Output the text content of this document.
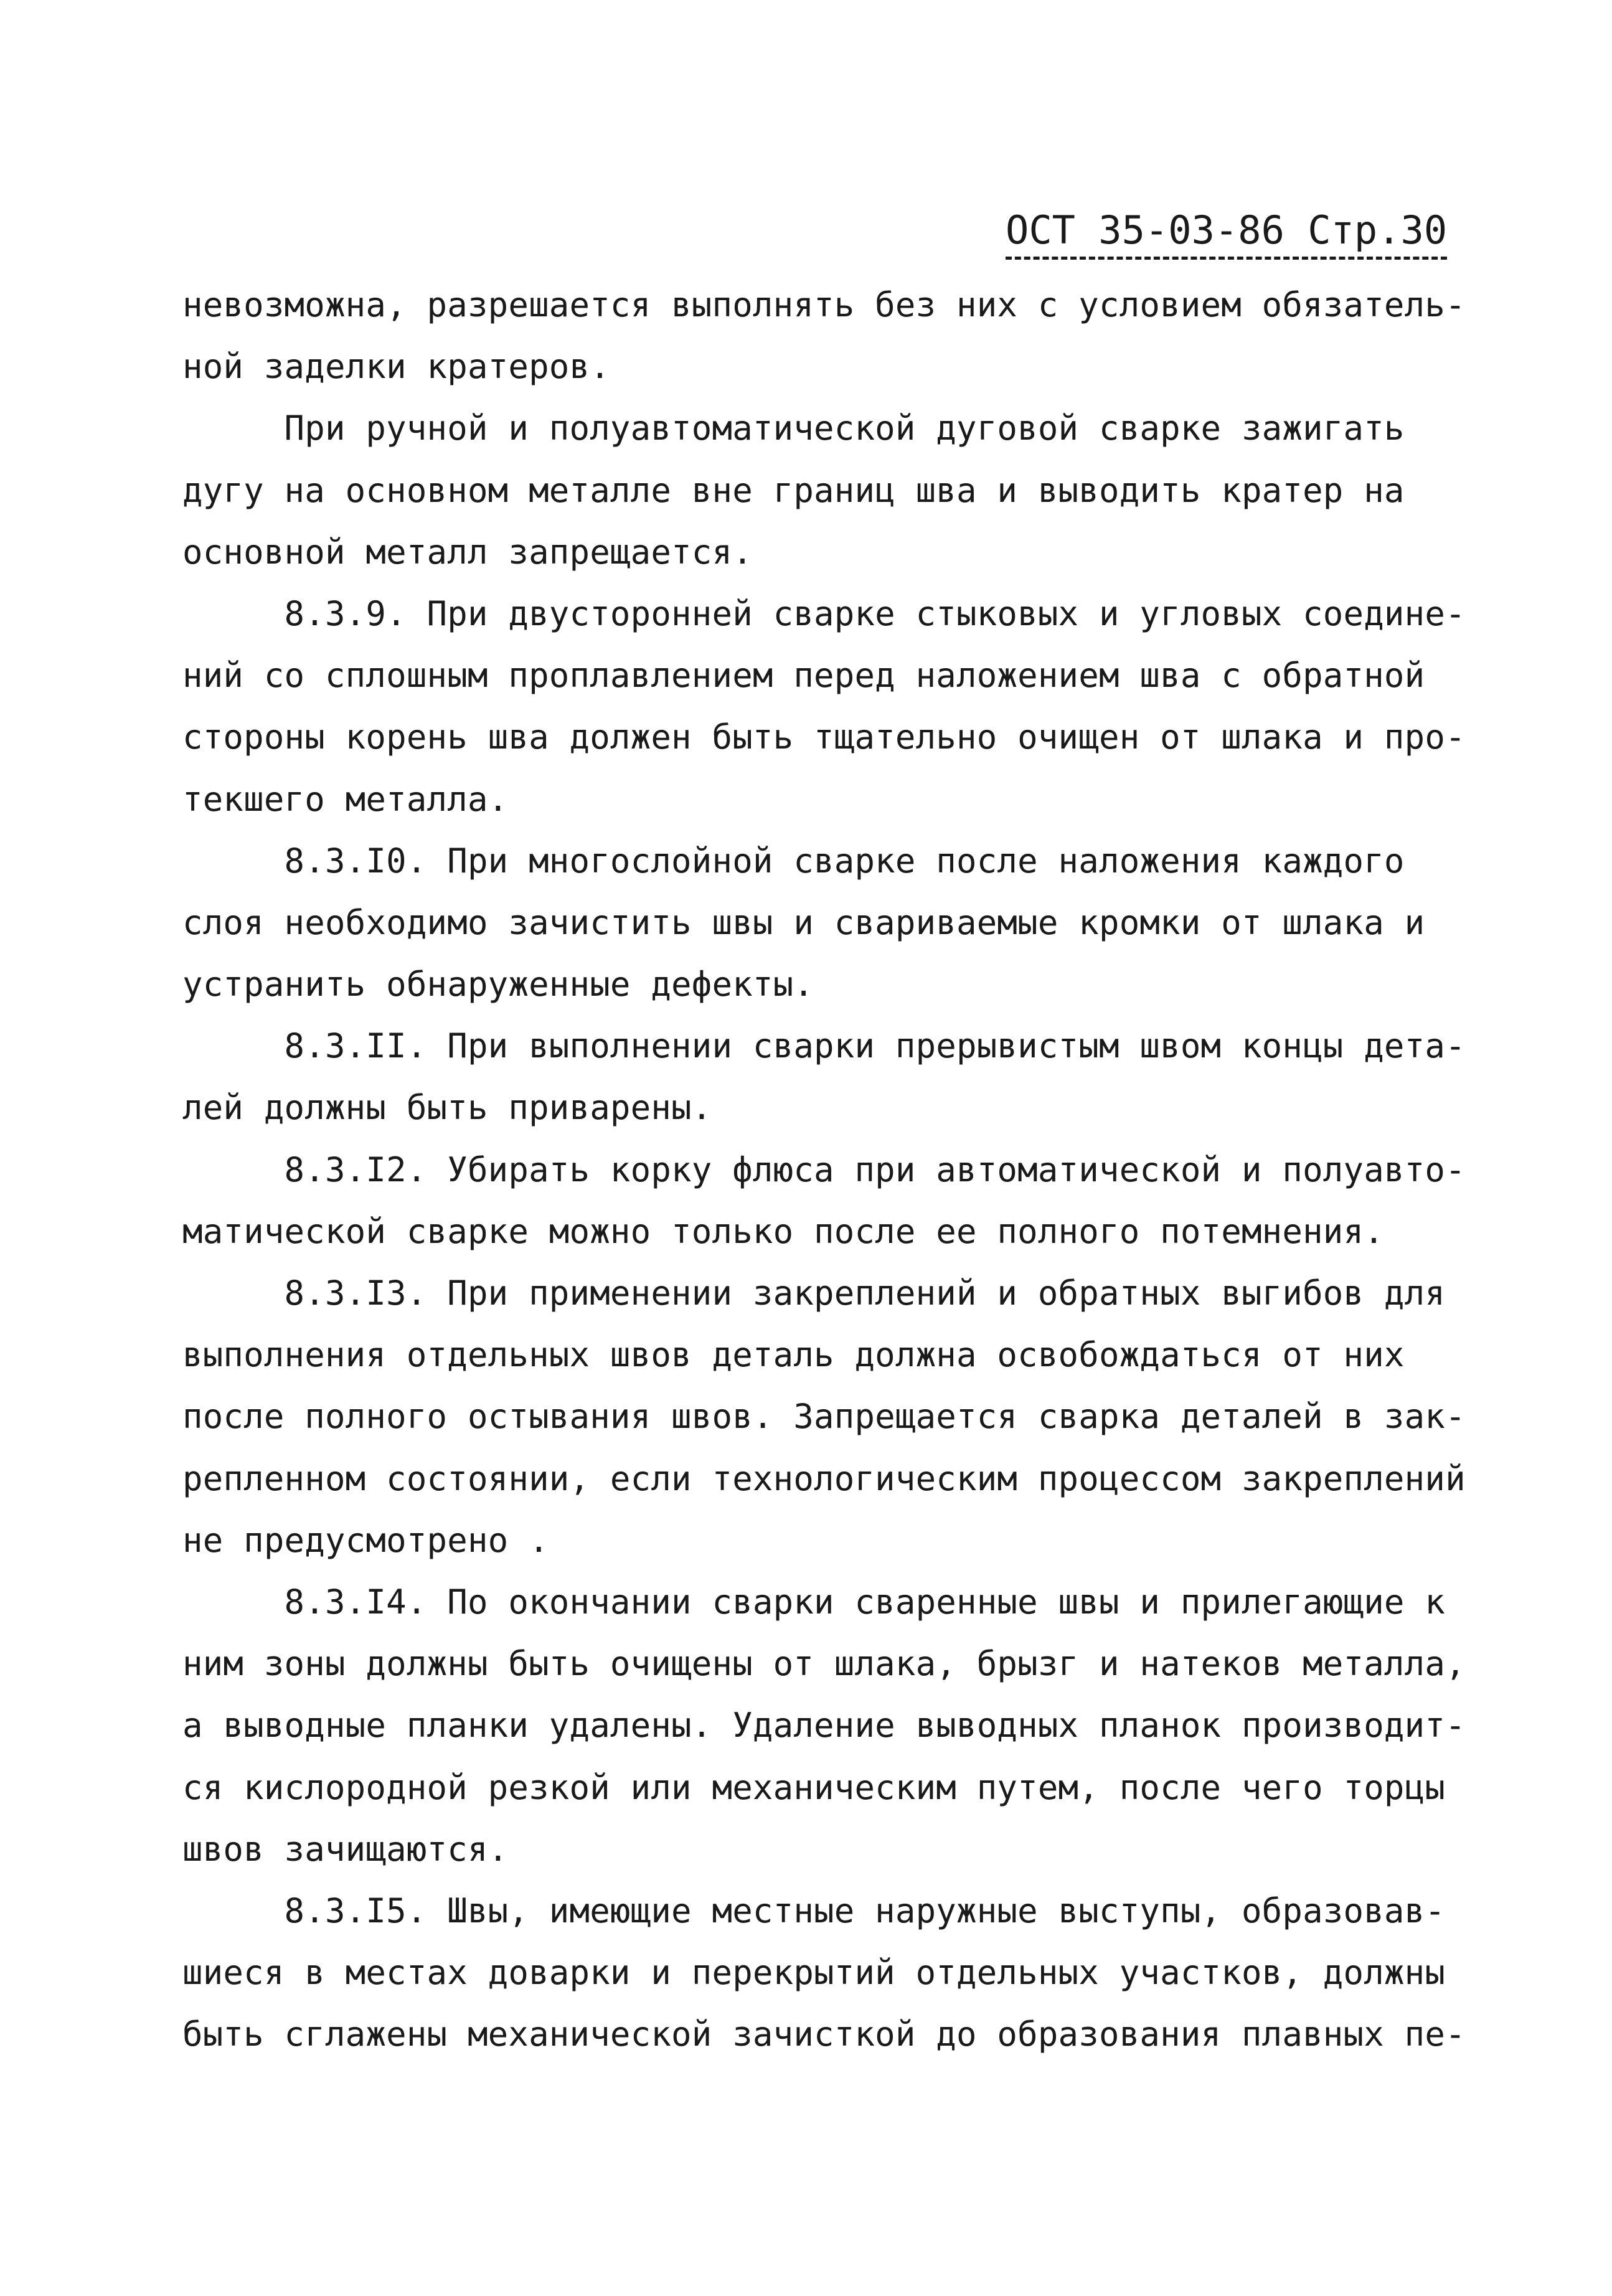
ОСТ 35-03-86 Стр.30
невозможна, разрешается выполнять без них с условием обязатель-
ной заделки кратеров.
При ручной и полуавтоматической дуговой сварке зажигать
дугу на основном металле вне границ шва и выводить кратер на
основной металл запрещается.
8.3.9. При двусторонней сварке стыковых и угловых соедине-
ний со сплошным проплавлением перед наложением шва с обратной
стороны корень шва должен быть тщательно очищен от шлака и про-
текшего металла.
8.3.I0. При многослойной сварке после наложения каждого
слоя необходимо зачистить швы и свариваемые кромки от шлака и
устранить обнаруженные дефекты.
8.3.II. При выполнении сварки прерывистым швом концы дета-
лей должны быть приварены.
8.3.I2. Убирать корку флюса при автоматической и полуавто-
матической сварке можно только после ее полного потемнения.
8.3.I3. При применении закреплений и обратных выгибов для
выполнения отдельных швов деталь должна освобождаться от них
после полного остывания швов. Запрещается сварка деталей в зак-
репленном состоянии, если технологическим процессом закреплений
не предусмотрено .
8.3.I4. По окончании сварки сваренные швы и прилегающие к
ним зоны должны быть очищены от шлака, брызг и натеков металла,
а выводные планки удалены. Удаление выводных планок производит-
ся кислородной резкой или механическим путем, после чего торцы
швов зачищаются.
8.3.I5. Швы, имеющие местные наружные выступы, образовав-
шиеся в местах доварки и перекрытий отдельных участков, должны
быть сглажены механической зачисткой до образования плавных пе-
